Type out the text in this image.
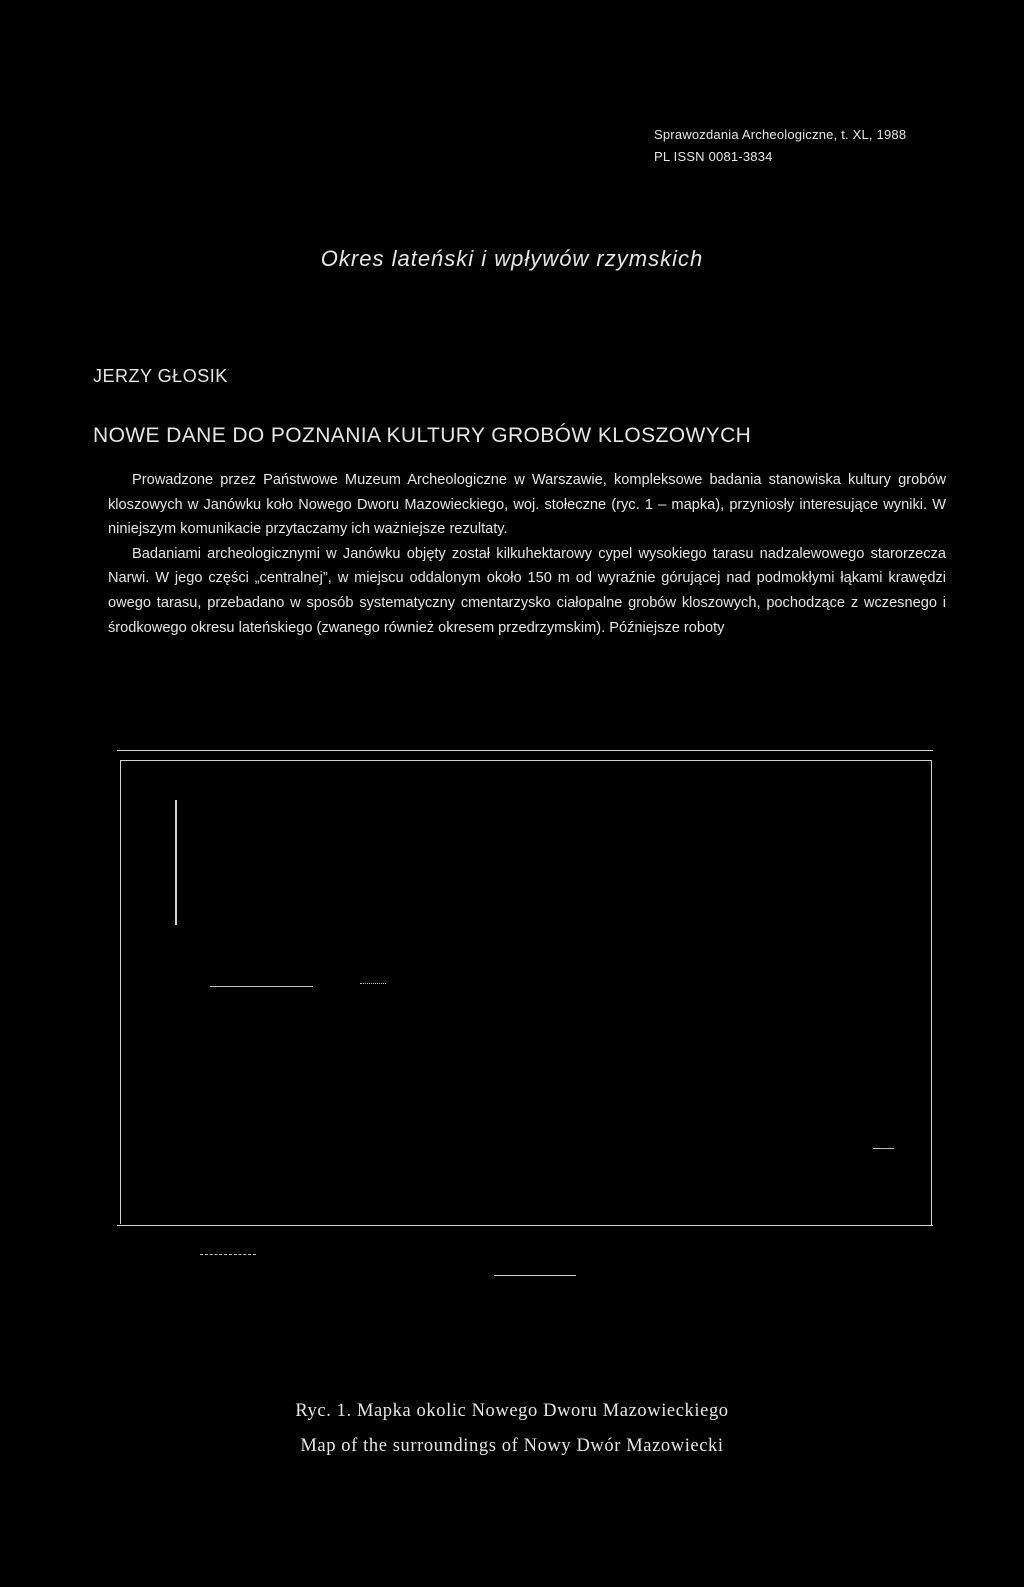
Sprawozdania Archeologiczne, t. XL, 1988
PL ISSN 0081-3834
Okres lateński i wpływów rzymskich
JERZY GŁOSIK
NOWE DANE DO POZNANIA KULTURY GROBÓW KLOSZOWYCH

Prowadzone przez Państwowe Muzeum Archeologiczne w Warszawie, kompleksowe badania stanowiska kultury grobów kloszowych w Janówku koło Nowego Dworu Mazowieckiego, woj. stołeczne (ryc. 1 – mapka), przyniosły interesujące wyniki. W niniejszym komunikacie przytaczamy ich ważniejsze rezultaty.

Badaniami archeologicznymi w Janówku objęty został kilkuhektarowy cypel wysokiego tarasu nadzalewowego starorzecza Narwi. W jego części „centralnej”, w miejscu oddalonym około 150 m od wyraźnie górującej nad podmokłymi łąkami krawędzi owego tarasu, przebadano w sposób systematyczny cmentarzysko ciałopalne grobów kloszowych, pochodzące z wczesnego i środkowego okresu lateńskiego (zwanego również okresem przedrzymskim). Późniejsze roboty

Ryc. 1. Mapka okolic Nowego Dworu Mazowieckiego
Map of the surroundings of Nowy Dwór Mazowiecki
